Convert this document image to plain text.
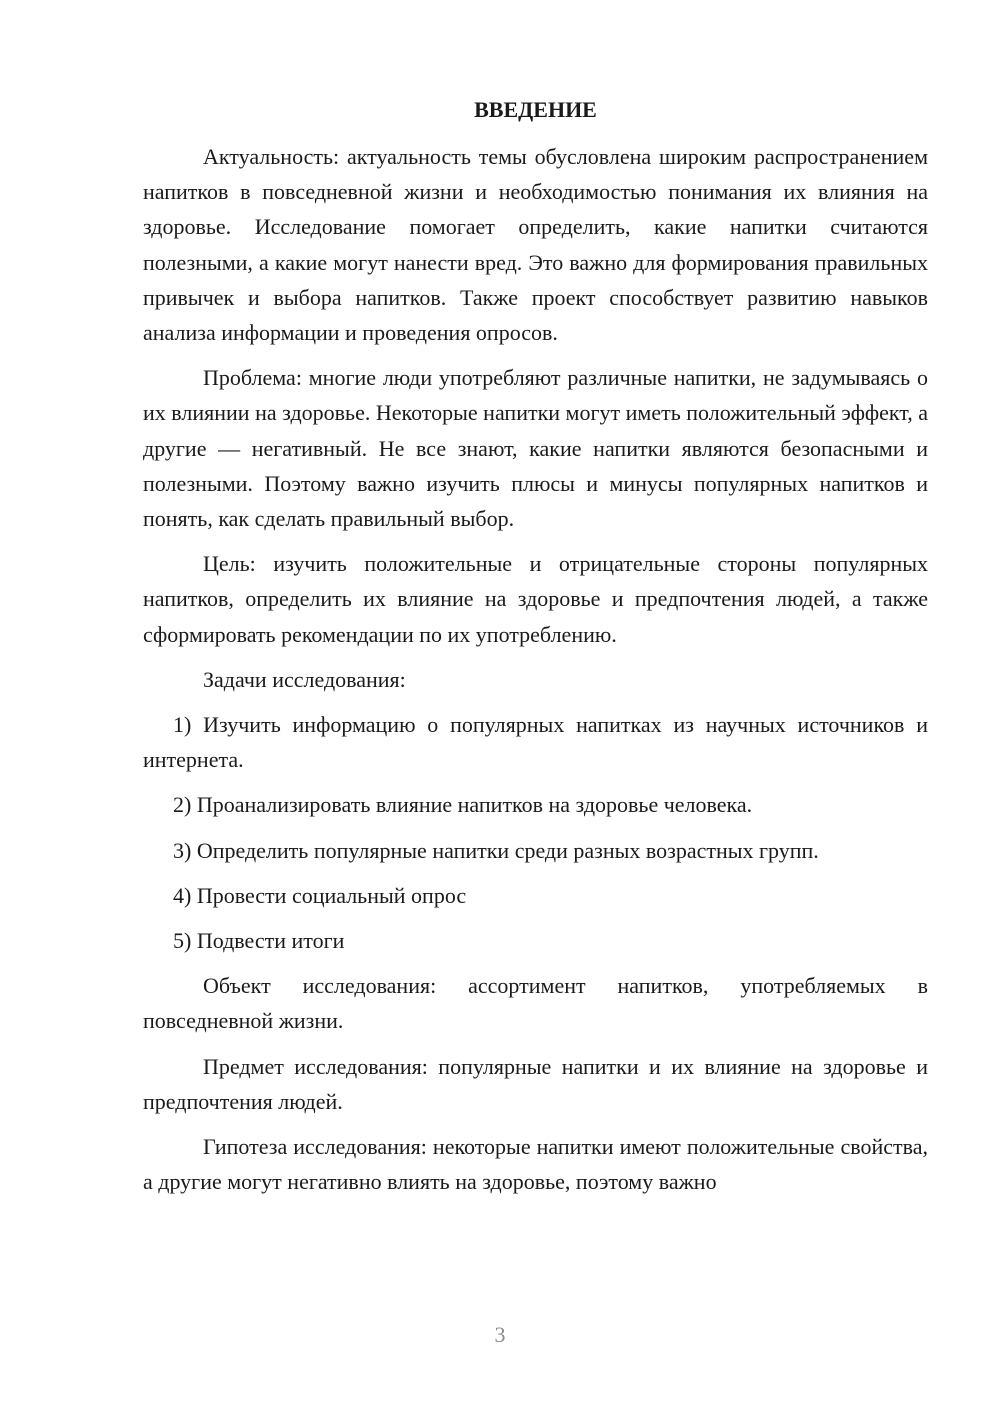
ВВЕДЕНИЕ

Актуальность: актуальность темы обусловлена широким распространением напитков в повседневной жизни и необходимостью понимания их влияния на здоровье. Исследование помогает определить, какие напитки считаются полезными, а какие могут нанести вред. Это важно для формирования правильных привычек и выбора напитков. Также проект способствует развитию навыков анализа информации и проведения опросов.

Проблема: многие люди употребляют различные напитки, не задумываясь о их влиянии на здоровье. Некоторые напитки могут иметь положительный эффект, а другие — негативный. Не все знают, какие напитки являются безопасными и полезными. Поэтому важно изучить плюсы и минусы популярных напитков и понять, как сделать правильный выбор.

Цель: изучить положительные и отрицательные стороны популярных напитков, определить их влияние на здоровье и предпочтения людей, а также сформировать рекомендации по их употреблению.

Задачи исследования:

1) Изучить информацию о популярных напитках из научных источников и интернета.

2) Проанализировать влияние напитков на здоровье человека.

3) Определить популярные напитки среди разных возрастных групп.

4) Провести социальный опрос

5) Подвести итоги

Объект исследования: ассортимент напитков, употребляемых в повседневной жизни.

Предмет исследования: популярные напитки и их влияние на здоровье и предпочтения людей.

Гипотеза исследования: некоторые напитки имеют положительные свойства, а другие могут негативно влиять на здоровье, поэтому важно

3
